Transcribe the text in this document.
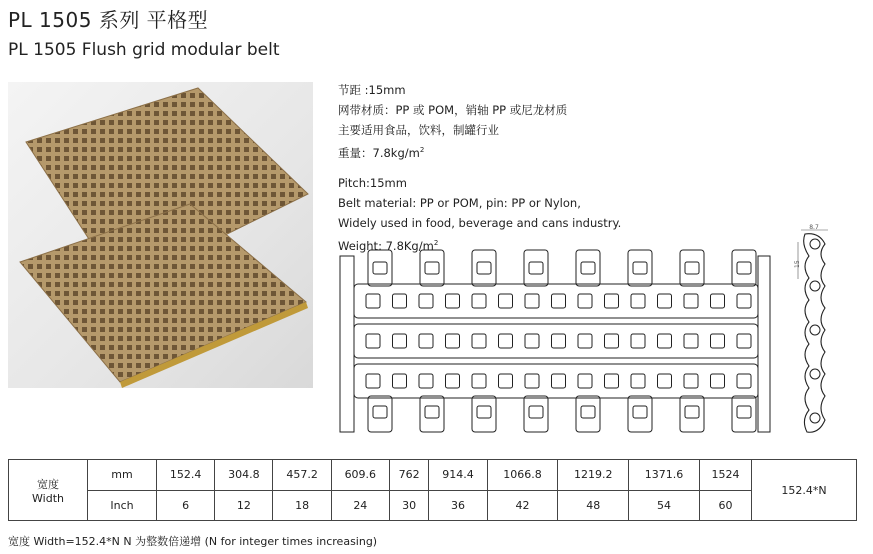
PL 1505 系列 平格型
PL 1505 Flush grid modular belt
节距 :15mm
网带材质：PP 或 POM，销轴 PP 或尼龙材质
主要适用食品，饮料，制罐行业
重量：$7.8kg/m^2$
Pitch:15mm
Belt material: PP or POM, pin: PP or Nylon,
Widely used in food, beverage and cans industry.
Weight: $7.8Kg/m^2$
8.7
15
宽度
Width	mm	152.4	304.8	457.2	609.6	762	914.4	1066.8	1219.2	1371.6	1524	152.4*N
	Inch	6	12	18	24	30	36	42	48	54	60	
宽度 Width=152.4*N N 为整数倍递增 (N for integer times increasing)
